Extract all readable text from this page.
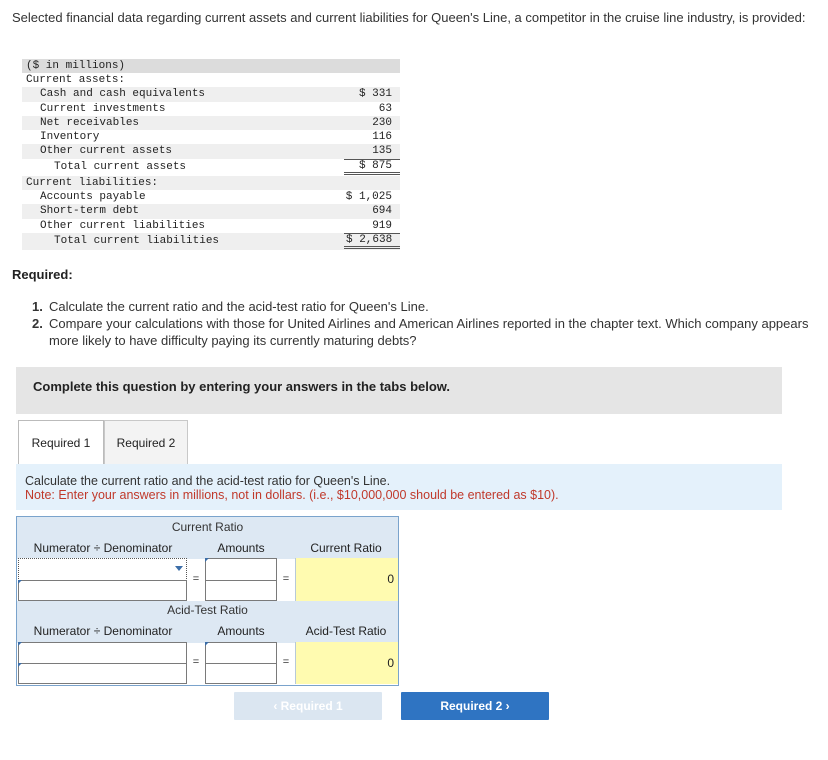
Selected financial data regarding current assets and current liabilities for Queen's Line, a competitor in the cruise line industry, is provided:
($ in millions)
Current assets:
Cash and cash equivalents	$ 331
Current investments	63
Net receivables	230
Inventory	116
Other current assets	135
Total current assets	$ 875
Current liabilities:
Accounts payable	$ 1,025
Short-term debt	694
Other current liabilities	919
Total current liabilities	$ 2,638
Required:
1. Calculate the current ratio and the acid-test ratio for Queen's Line.
2. Compare your calculations with those for United Airlines and American Airlines reported in the chapter text. Which company appears more likely to have difficulty paying its currently maturing debts?
Complete this question by entering your answers in the tabs below.
Required 1	Required 2
Calculate the current ratio and the acid-test ratio for Queen's Line.
Note: Enter your answers in millions, not in dollars. (i.e., $10,000,000 should be entered as $10).
Current Ratio
Numerator ÷ Denominator	Amounts	Current Ratio
=	=	0
Acid-Test Ratio
Numerator ÷ Denominator	Amounts	Acid-Test Ratio
=	=	0
‹ Required 1	Required 2 ›
